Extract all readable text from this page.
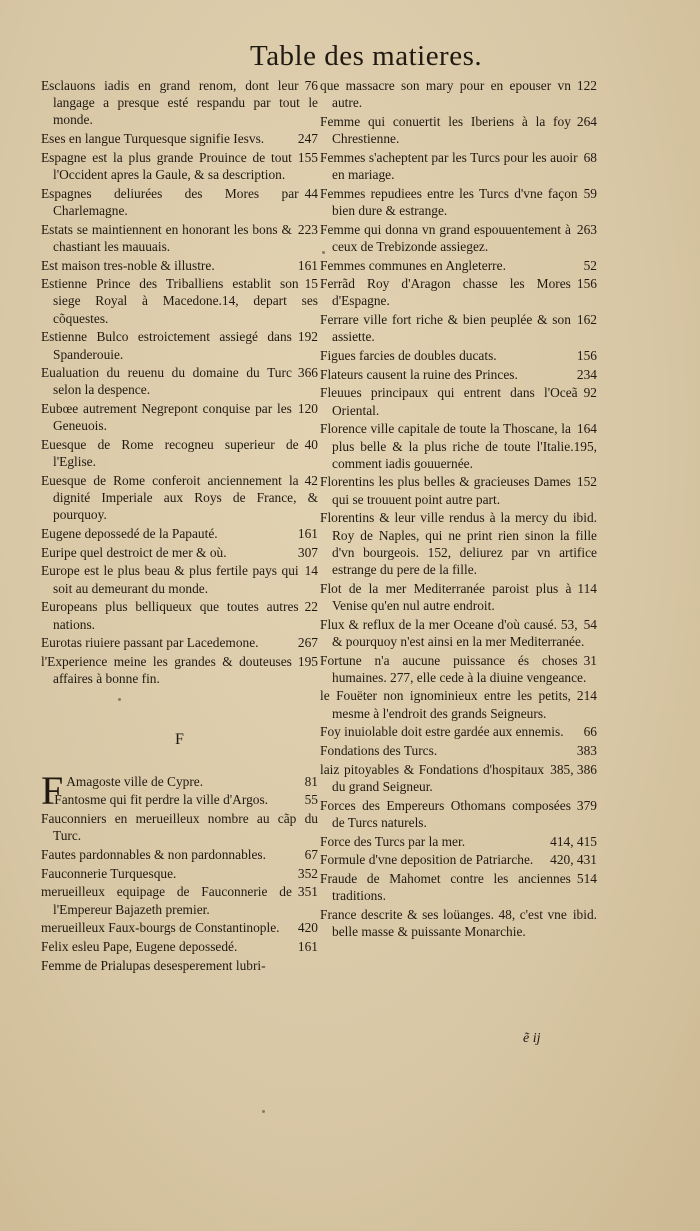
Table des matieres.
76
Esclauons iadis en grand renom, dont leur langage a presque esté respandu par tout le monde.
247
Eses en langue Turquesque signifie Iesvs.
155
Espagne est la plus grande Prouince de tout l'Occident apres la Gaule, & sa description.
44
Espagnes deliurées des Mores par Charlemagne.
223
Estats se maintiennent en honorant les bons & chastiant les mauuais.
161
Est maison tres-noble & illustre.
15
Estienne Prince des Triballiens establit son siege Royal à Macedone.14, depart ses cõquestes.
192
Estienne Bulco estroictement assiegé dans Spanderouie.
366
Eualuation du reuenu du domaine du Turc selon la despence.
120
Eubœe autrement Negrepont conquise par les Geneuois.
40
Euesque de Rome recogneu superieur de l'Eglise.
42
Euesque de Rome conferoit anciennement la dignité Imperiale aux Roys de France, & pourquoy.
161
Eugene depossedé de la Papauté.
307
Euripe quel destroict de mer & où.
14
Europe est le plus beau & plus fertile pays qui soit au demeurant du monde.
22
Europeans plus belliqueux que toutes autres nations.
267
Eurotas riuiere passant par Lacedemone.
195
l'Experience meine les grandes & douteuses affaires à bonne fin.
F
F	81
Amagoste ville de Cypre.
55
Fantosme qui fit perdre la ville d'Argos.
Fauconniers en merueilleux nombre au cãp du Turc.
67
Fautes pardonnables & non pardonnables.
352
Fauconnerie Turquesque.
351
merueilleux equipage de Fauconnerie de l'Empereur Bajazeth premier.
420
merueilleux Faux-bourgs de Constantinople.
161
Felix esleu Pape, Eugene depossedé.
Femme de Prialupas desesperement lubri-
122
que massacre son mary pour en epouser vn autre.
264
Femme qui conuertit les Iberiens à la foy Chrestienne.
68
Femmes s'acheptent par les Turcs pour les auoir en mariage.
59
Femmes repudiees entre les Turcs d'vne façon bien dure & estrange.
263
Femme qui donna vn grand espouuentement à ceux de Trebizonde assiegez.
52
Femmes communes en Angleterre.
156
Ferrãd Roy d'Aragon chasse les Mores d'Espagne.
162
Ferrare ville fort riche & bien peuplée & son assiette.
156
Figues farcies de doubles ducats.
234
Flateurs causent la ruine des Princes.
92
Fleuues principaux qui entrent dans l'Oceã Oriental.
164
Florence ville capitale de toute la Thoscane, la plus belle & la plus riche de toute l'Italie.195, comment iadis gouuernée.
152
Florentins les plus belles & gracieuses Dames qui se trouuent point autre part.
ibid.
Florentins & leur ville rendus à la mercy du Roy de Naples, qui ne print rien sinon la fille d'vn bourgeois. 152, deliurez par vn artifice estrange du pere de la fille.
114
Flot de la mer Mediterranée paroist plus à Venise qu'en nul autre endroit.
54
Flux & reflux de la mer Oceane d'où causé. 53, & pourquoy n'est ainsi en la mer Mediterranée.
31
Fortune n'a aucune puissance és choses humaines. 277, elle cede à la diuine vengeance.
214
le Fouëter non ignominieux entre les petits, mesme à l'endroit des grands Seigneurs.
66
Foy inuiolable doit estre gardée aux ennemis.
383
Fondations des Turcs.
385, 386
laiz pitoyables & Fondations d'hospitaux du grand Seigneur.
379
Forces des Empereurs Othomans composées de Turcs naturels.
414, 415
Force des Turcs par la mer.
420, 431
Formule d'vne deposition de Patriarche.
514
Fraude de Mahomet contre les anciennes traditions.
ibid.
France descrite & ses loüanges. 48, c'est vne belle masse & puissante Monarchie.
ẽ ij
